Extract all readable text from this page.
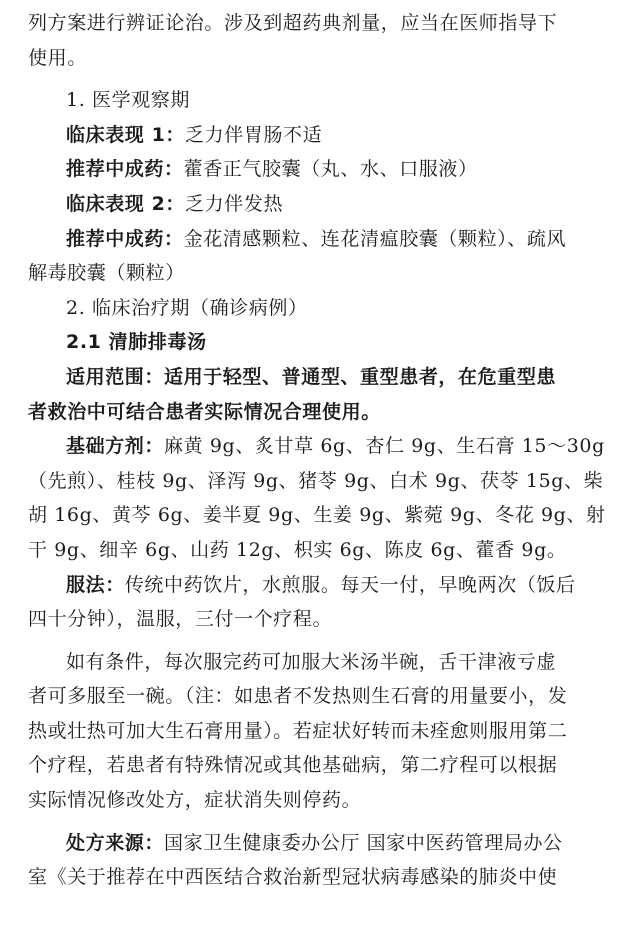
列方案进行辨证论治。涉及到超药典剂量，应当在医师指导下
使用。
1. 医学观察期
临床表现 1：乏力伴胃肠不适
推荐中成药：藿香正气胶囊（丸、水、口服液）
临床表现 2：乏力伴发热
推荐中成药：金花清感颗粒、连花清瘟胶囊（颗粒）、疏风
解毒胶囊（颗粒）
2. 临床治疗期（确诊病例）
2.1 清肺排毒汤
适用范围：适用于轻型、普通型、重型患者，在危重型患
者救治中可结合患者实际情况合理使用。
基础方剂：麻黄 9g、炙甘草 6g、杏仁 9g、生石膏 15～30g
（先煎）、桂枝 9g、泽泻 9g、猪苓 9g、白术 9g、茯苓 15g、柴
胡 16g、黄芩 6g、姜半夏 9g、生姜 9g、紫菀 9g、冬花 9g、射
干 9g、细辛 6g、山药 12g、枳实 6g、陈皮 6g、藿香 9g。
服法：传统中药饮片，水煎服。每天一付，早晚两次（饭后
四十分钟），温服，三付一个疗程。
如有条件，每次服完药可加服大米汤半碗，舌干津液亏虚
者可多服至一碗。（注：如患者不发热则生石膏的用量要小，发
热或壮热可加大生石膏用量）。若症状好转而未痊愈则服用第二
个疗程，若患者有特殊情况或其他基础病，第二疗程可以根据
实际情况修改处方，症状消失则停药。
处方来源：国家卫生健康委办公厅 国家中医药管理局办公
室《关于推荐在中西医结合救治新型冠状病毒感染的肺炎中使
